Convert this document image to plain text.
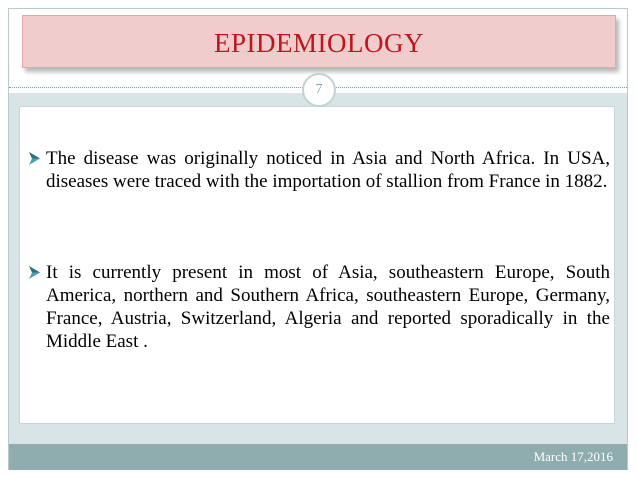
EPIDEMIOLOGY
7
The disease was originally noticed in Asia and North Africa. In USA, diseases were traced with the importation of stallion from France in 1882.
It is currently present in most of Asia, southeastern Europe, South America, northern and Southern Africa, southeastern Europe, Germany, France, Austria, Switzerland, Algeria and reported sporadically in the Middle East .
March 17,2016
